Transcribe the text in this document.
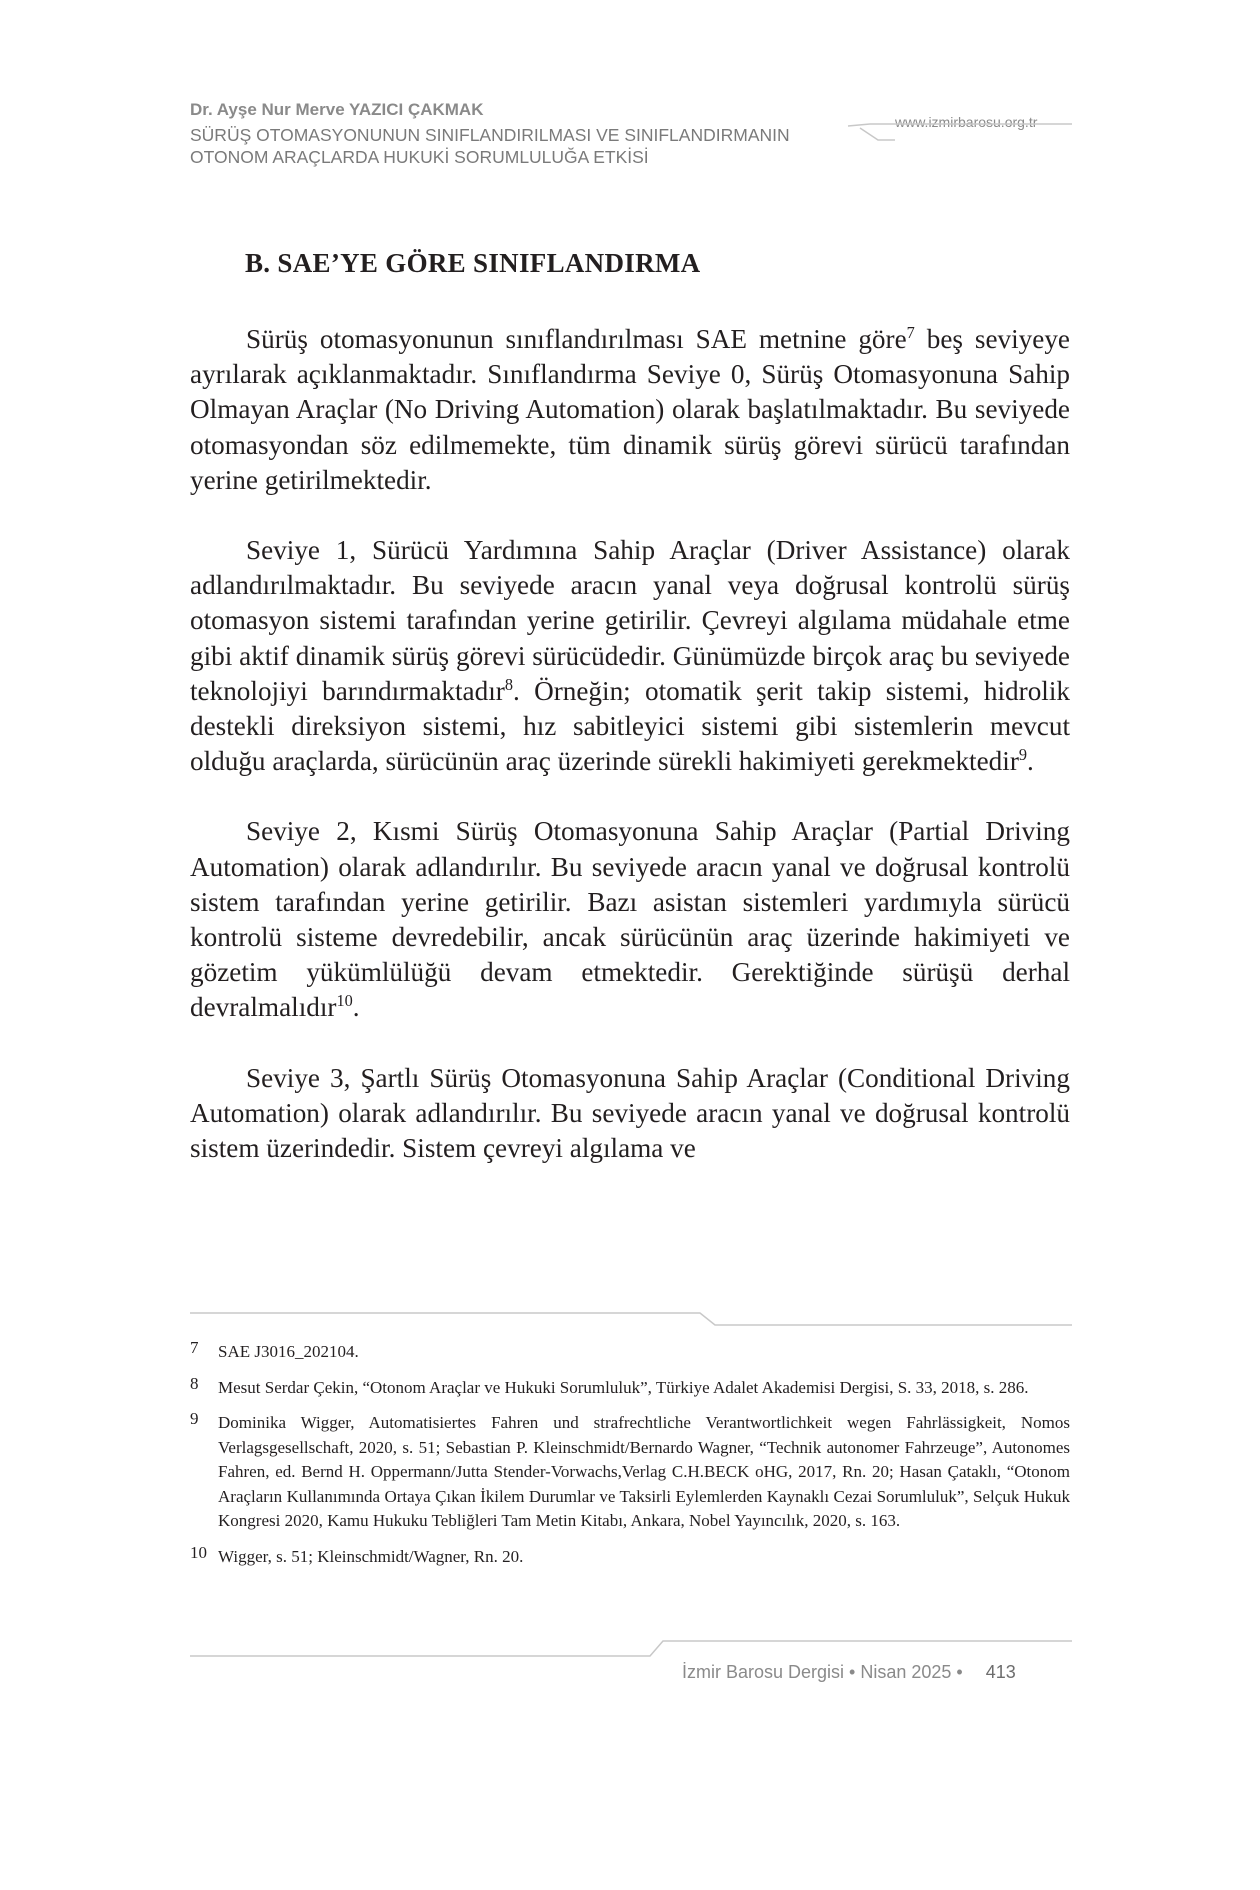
Dr. Ayşe Nur Merve YAZICI ÇAKMAK
SÜRÜŞ OTOMASYONUNUN SINIFLANDIRILMASI VE SINIFLANDIRMANIN
OTONOM ARAÇLARDA HUKUKİ SORUMLULUĞA ETKİSİ
www.izmirbarosu.org.tr
B. SAE’YE GÖRE SINIFLANDIRMA

Sürüş otomasyonunun sınıflandırılması SAE metnine göre$^7$ beş seviyeye ayrılarak açıklanmaktadır. Sınıflandırma Seviye 0, Sürüş Otomasyonuna Sahip Olmayan Araçlar (No Driving Automation) olarak başlatılmaktadır. Bu seviyede otomasyondan söz edilmemekte, tüm dinamik sürüş görevi sürücü tarafından yerine getirilmektedir.

Seviye 1, Sürücü Yardımına Sahip Araçlar (Driver Assistance) olarak adlandırılmaktadır. Bu seviyede aracın yanal veya doğrusal kontrolü sürüş otomasyon sistemi tarafından yerine getirilir. Çevreyi algılama müdahale etme gibi aktif dinamik sürüş görevi sürücüdedir. Günümüzde birçok araç bu seviyede teknolojiyi barındırmaktadır$^8$. Örneğin; otomatik şerit takip sistemi, hidrolik destekli direksiyon sistemi, hız sabitleyici sistemi gibi sistemlerin mevcut olduğu araçlarda, sürücünün araç üzerinde sürekli hakimiyeti gerekmektedir$^9$.

Seviye 2, Kısmi Sürüş Otomasyonuna Sahip Araçlar (Partial Driving Automation) olarak adlandırılır. Bu seviyede aracın yanal ve doğrusal kontrolü sistem tarafından yerine getirilir. Bazı asistan sistemleri yardımıyla sürücü kontrolü sisteme devredebilir, ancak sürücünün araç üzerinde hakimiyeti ve gözetim yükümlülüğü devam etmektedir. Gerektiğinde sürüşü derhal devralmalıdır$^{10}$.

Seviye 3, Şartlı Sürüş Otomasyonuna Sahip Araçlar (Conditional Driving Automation) olarak adlandırılır. Bu seviyede aracın yanal ve doğrusal kontrolü sistem üzerindedir. Sistem çevreyi algılama ve

7 SAE J3016_202104.
8 Mesut Serdar Çekin, “Otonom Araçlar ve Hukuki Sorumluluk”, Türkiye Adalet Akademisi Dergisi, S. 33, 2018, s. 286.
9 Dominika Wigger, Automatisiertes Fahren und strafrechtliche Verantwortlichkeit wegen Fahrlässigkeit, Nomos Verlagsgesellschaft, 2020, s. 51; Sebastian P. Kleinschmidt/Bernardo Wagner, “Technik autonomer Fahrzeuge”, Autonomes Fahren, ed. Bernd H. Oppermann/Jutta Stender-Vorwachs,Verlag C.H.BECK oHG, 2017, Rn. 20; Hasan Çataklı, “Otonom Araçların Kullanımında Ortaya Çıkan İkilem Durumlar ve Taksirli Eylemlerden Kaynaklı Cezai Sorumluluk”, Selçuk Hukuk Kongresi 2020, Kamu Hukuku Tebliğleri Tam Metin Kitabı, Ankara, Nobel Yayıncılık, 2020, s. 163.
10 Wigger, s. 51; Kleinschmidt/Wagner, Rn. 20.
İzmir Barosu Dergisi • Nisan 2025 • 413
